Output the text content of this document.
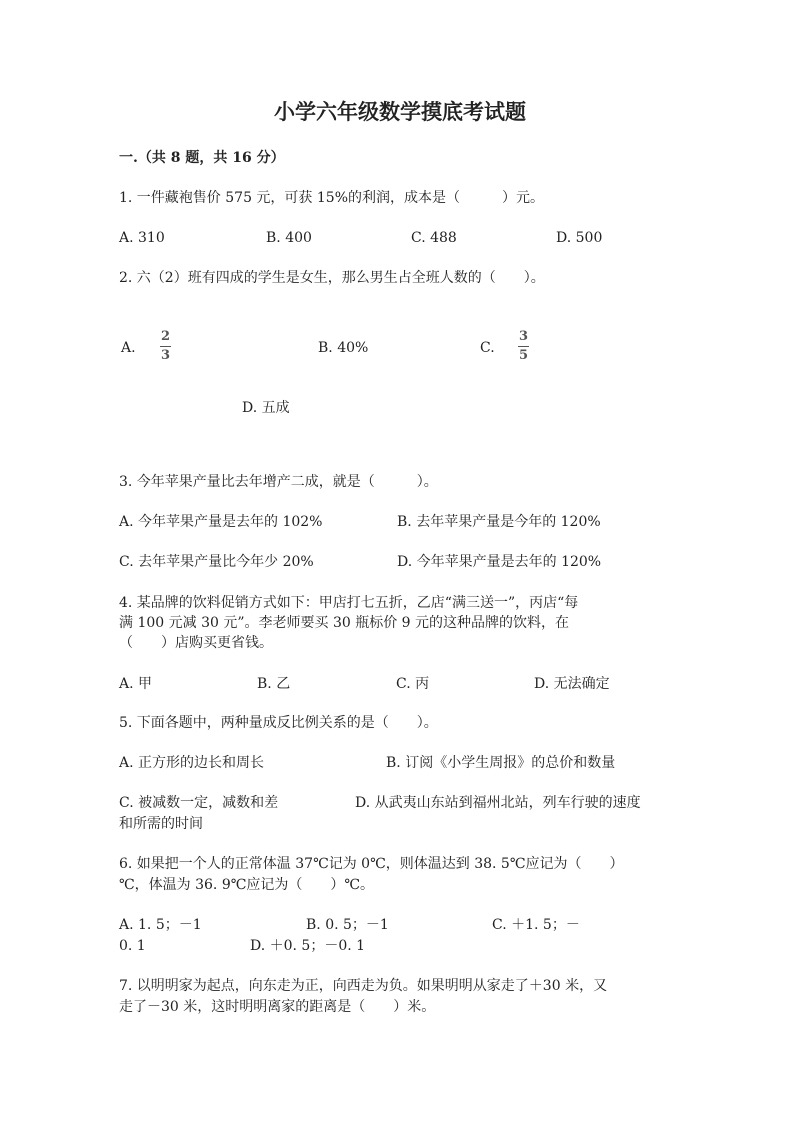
小学六年级数学摸底考试题
一.（共 8 题，共 16 分）
1. 一件藏袍售价 575 元，可获 15%的利润，成本是（　　　）元。
A. 310	B. 400	C. 488	D. 500
2. 六（2）班有四成的学生是女生，那么男生占全班人数的（　　）。
A.
2
3	B. 40%	C.
3
5
D. 五成
3. 今年苹果产量比去年增产二成，就是（　　　）。
A. 今年苹果产量是去年的 102%	B. 去年苹果产量是今年的 120%
C. 去年苹果产量比今年少 20%	D. 今年苹果产量是去年的 120%
4. 某品牌的饮料促销方式如下：甲店打七五折，乙店“满三送一”，丙店“每
满 100 元减 30 元”。李老师要买 30 瓶标价 9 元的这种品牌的饮料，在
（　　）店购买更省钱。
A. 甲	B. 乙	C. 丙	D. 无法确定
5. 下面各题中，两种量成反比例关系的是（　　）。
A. 正方形的边长和周长	B. 订阅《小学生周报》的总价和数量
C. 被减数一定，减数和差	D. 从武夷山东站到福州北站，列车行驶的速度
和所需的时间
6. 如果把一个人的正常体温 37℃记为 0℃，则体温达到 38. 5℃应记为（　　）
℃，体温为 36. 9℃应记为（　　）℃。
A. 1. 5；－1	B. 0. 5；－1	C. ＋1. 5；－
0. 1	D. ＋0. 5；－0. 1
7. 以明明家为起点，向东走为正，向西走为负。如果明明从家走了＋30 米，又
走了－30 米，这时明明离家的距离是（　　）米。
